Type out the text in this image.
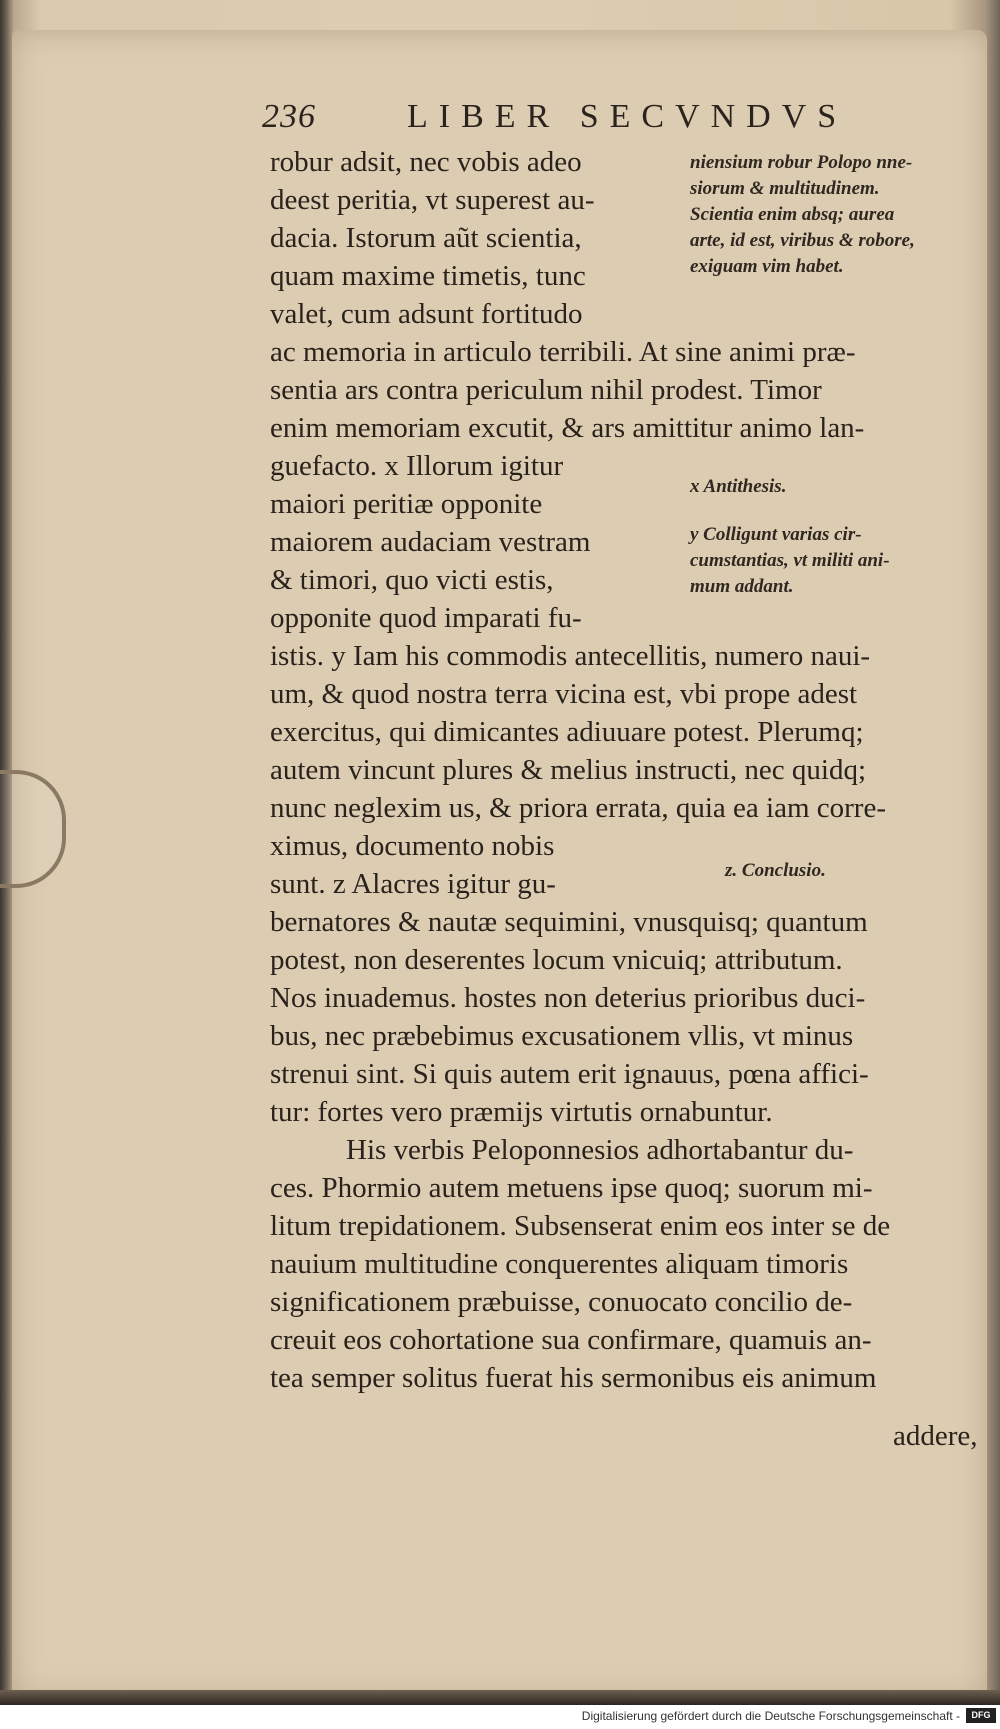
236	LIBER SECVNDVS
robur adsit, nec vobis adeo
deest peritia, vt superest au-
dacia. Istorum aũt scientia,
quam maxime timetis, tunc
valet, cum adsunt fortitudo
ac memoria in articulo terribili. At sine animi præ-
sentia ars contra periculum nihil prodest. Timor
enim memoriam excutit, & ars amittitur animo lan-
guefacto. x Illorum igitur
maiori peritiæ opponite
maiorem audaciam vestram
& timori, quo victi estis,
opponite quod imparati fu-
istis. y Iam his commodis antecellitis, numero naui-
um, & quod nostra terra vicina est, vbi prope adest
exercitus, qui dimicantes adiuuare potest. Plerumq;
autem vincunt plures & melius instructi, nec quidq;
nunc neglexim us, & priora errata, quia ea iam corre-
ximus, documento nobis
sunt. z Alacres igitur gu-
bernatores & nautæ sequimini, vnusquisq; quantum
potest, non deserentes locum vnicuiq; attributum.
Nos inuademus. hostes non deterius prioribus duci-
bus, nec præbebimus excusationem vllis, vt minus
strenui sint. Si quis autem erit ignauus, pœna affici-
tur: fortes vero præmijs virtutis ornabuntur.
His verbis Peloponnesios adhortabantur du-
ces. Phormio autem metuens ipse quoq; suorum mi-
litum trepidationem. Subsenserat enim eos inter se de
nauium multitudine conquerentes aliquam timoris
significationem præbuisse, conuocato concilio de-
creuit eos cohortatione sua confirmare, quamuis an-
tea semper solitus fuerat his sermonibus eis animum
addere,
niensium robur Polopo nne-
siorum & multitudinem.
Scientia enim absq; aurea
arte, id est, viribus & robore,
exiguam vim habet.
x Antithesis.
y Colligunt varias cir-
cumstantias, vt militi ani-
mum addant.
z. Conclusio.
Digitalisierung gefördert durch die Deutsche Forschungsgemeinschaft -	DFG
